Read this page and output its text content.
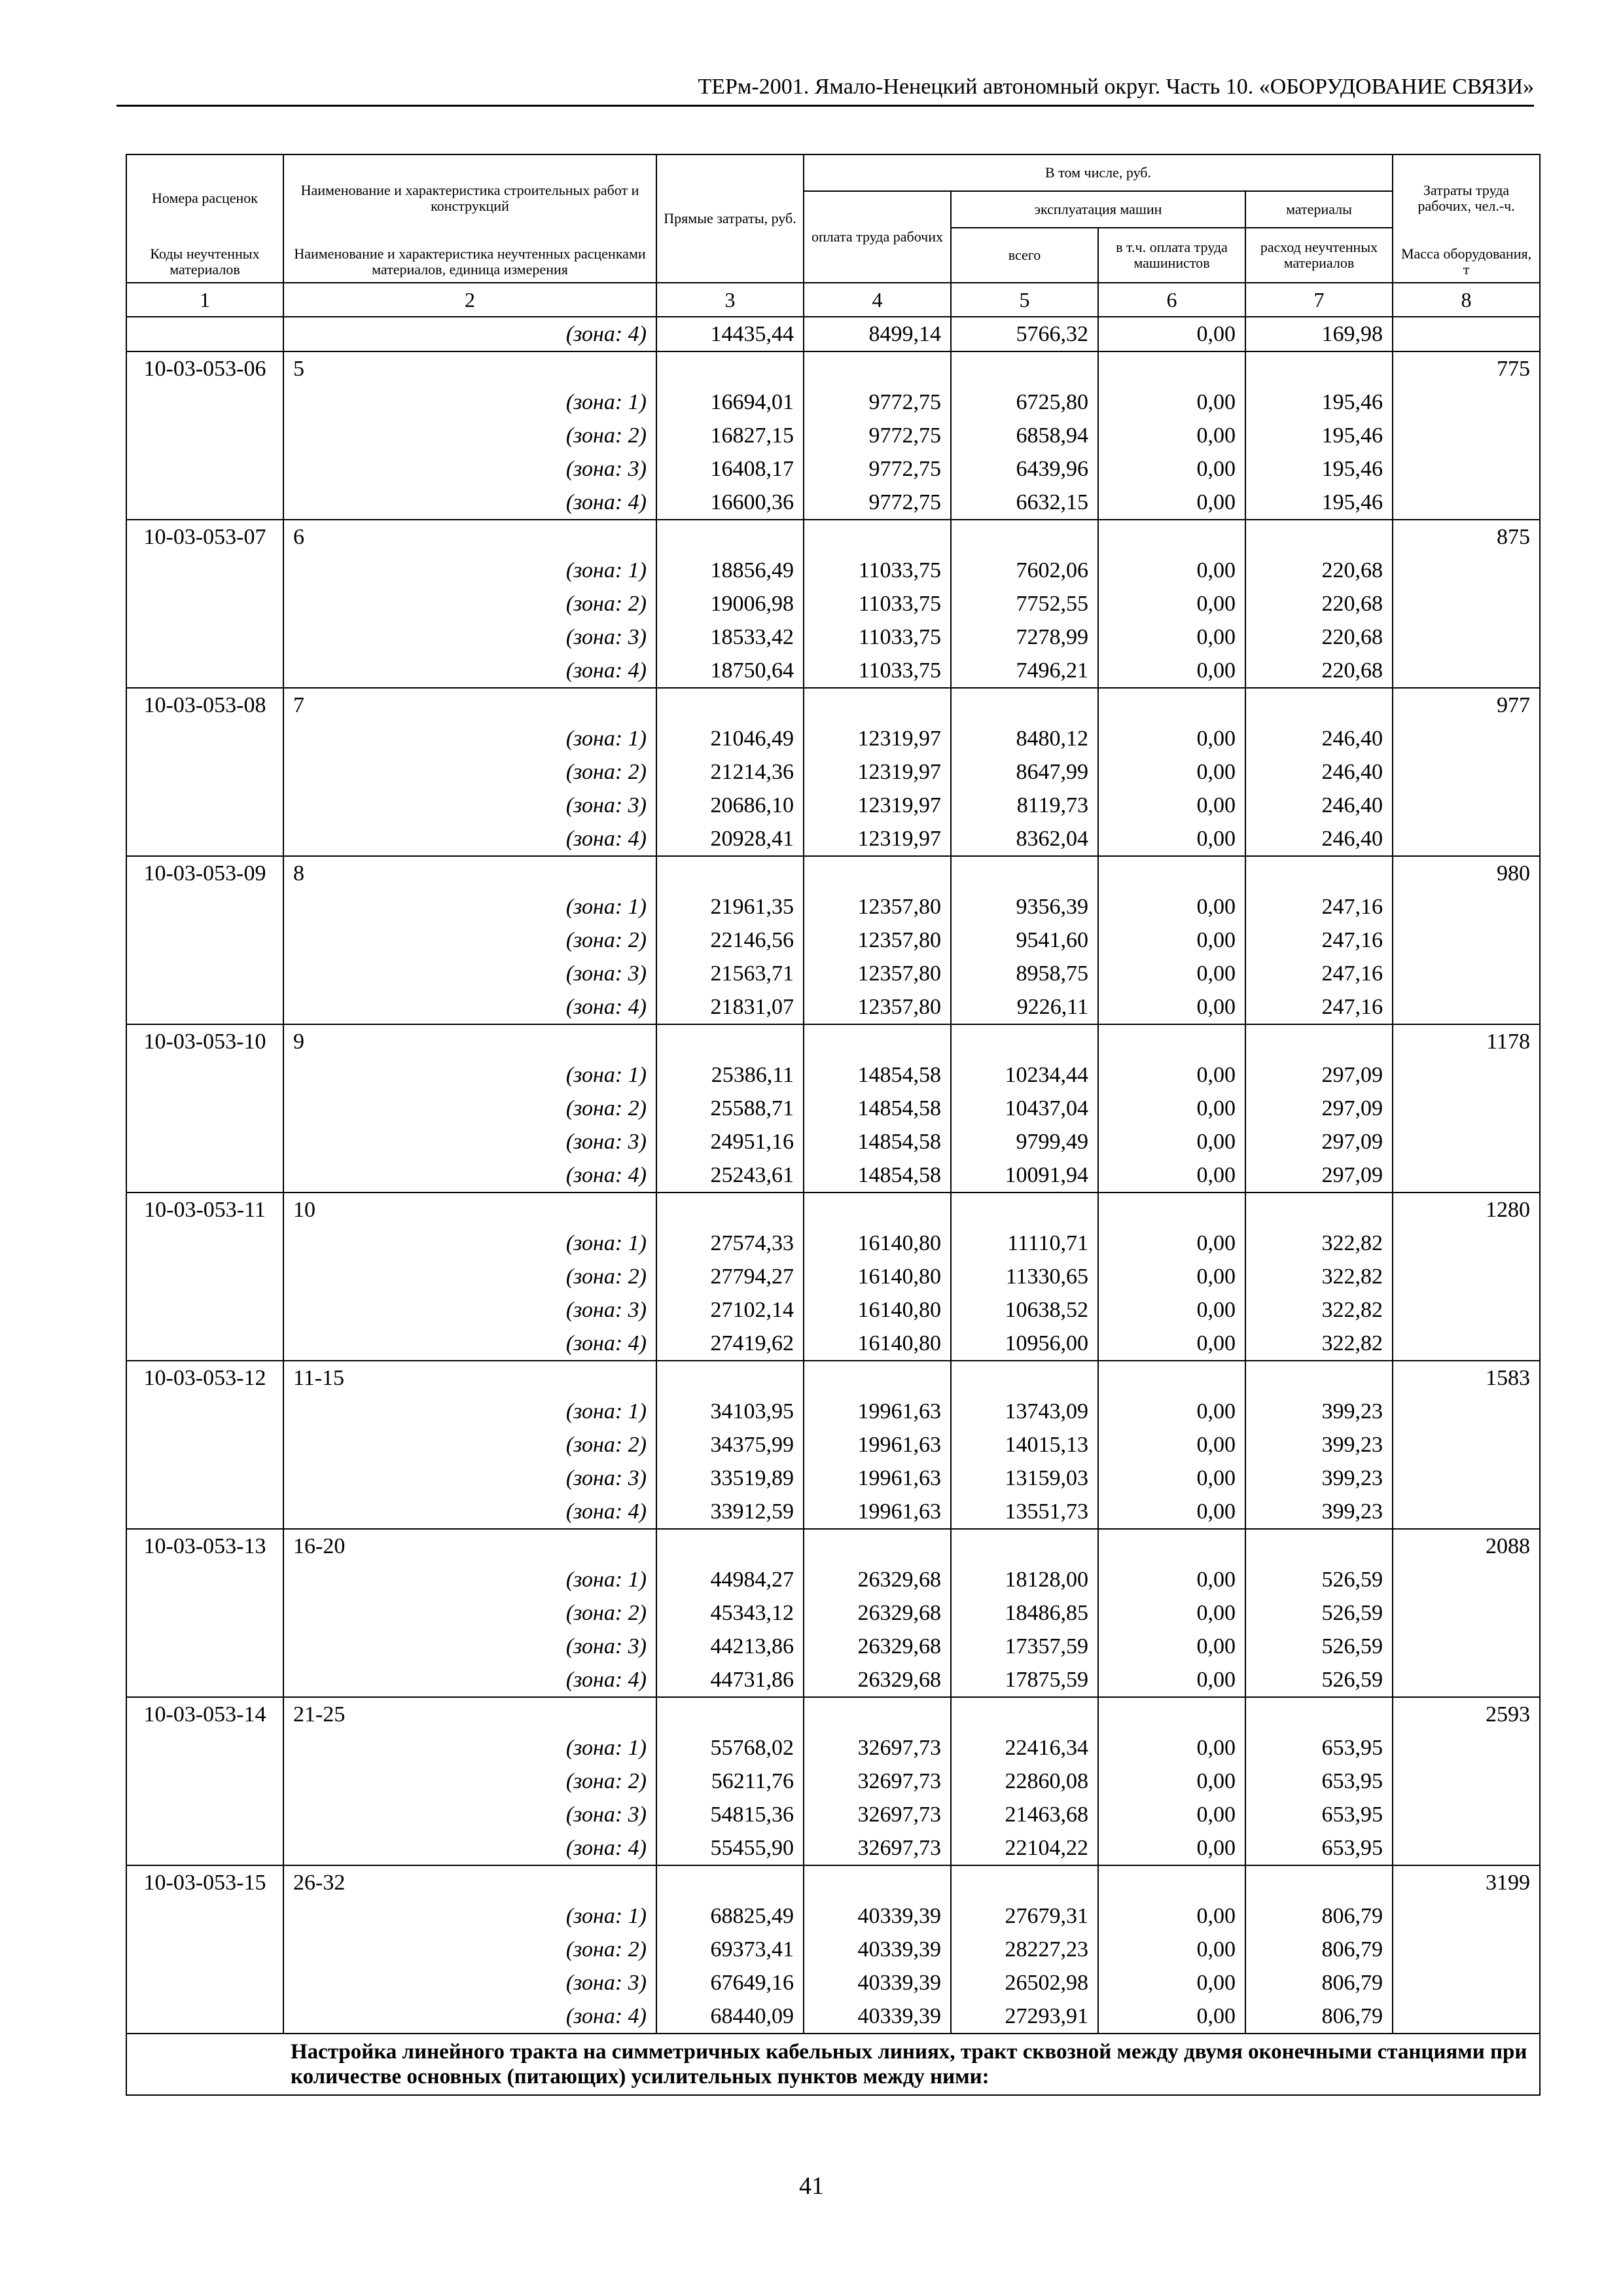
ТЕРм-2001. Ямало-Ненецкий автономный округ. Часть 10. «ОБОРУДОВАНИЕ СВЯЗИ»
Номера расценок	Наименование и характеристика строительных работ и конструкций	Прямые затраты, руб.	В том числе, руб.				Затраты труда рабочих, чел.-ч.
			оплата труда рабочих	эксплуатация машин		материалы	
				всего	в т.ч. оплата труда машинистов	расход неучтенных материалов	
Коды неучтенных материалов	Наименование и характеристика неучтенных расценками материалов, единица измерения						Масса оборудования, т
1	2	3	4	5	6	7	8
	(зона: 4)	14435,44	8499,14	5766,32	0,00	169,98	
10-03-053-06	5						775
	(зона: 1)	16694,01	9772,75	6725,80	0,00	195,46	
	(зона: 2)	16827,15	9772,75	6858,94	0,00	195,46	
	(зона: 3)	16408,17	9772,75	6439,96	0,00	195,46	
	(зона: 4)	16600,36	9772,75	6632,15	0,00	195,46	
10-03-053-07	6						875
	(зона: 1)	18856,49	11033,75	7602,06	0,00	220,68	
	(зона: 2)	19006,98	11033,75	7752,55	0,00	220,68	
	(зона: 3)	18533,42	11033,75	7278,99	0,00	220,68	
	(зона: 4)	18750,64	11033,75	7496,21	0,00	220,68	
10-03-053-08	7						977
	(зона: 1)	21046,49	12319,97	8480,12	0,00	246,40	
	(зона: 2)	21214,36	12319,97	8647,99	0,00	246,40	
	(зона: 3)	20686,10	12319,97	8119,73	0,00	246,40	
	(зона: 4)	20928,41	12319,97	8362,04	0,00	246,40	
10-03-053-09	8						980
	(зона: 1)	21961,35	12357,80	9356,39	0,00	247,16	
	(зона: 2)	22146,56	12357,80	9541,60	0,00	247,16	
	(зона: 3)	21563,71	12357,80	8958,75	0,00	247,16	
	(зона: 4)	21831,07	12357,80	9226,11	0,00	247,16	
10-03-053-10	9						1178
	(зона: 1)	25386,11	14854,58	10234,44	0,00	297,09	
	(зона: 2)	25588,71	14854,58	10437,04	0,00	297,09	
	(зона: 3)	24951,16	14854,58	9799,49	0,00	297,09	
	(зона: 4)	25243,61	14854,58	10091,94	0,00	297,09	
10-03-053-11	10						1280
	(зона: 1)	27574,33	16140,80	11110,71	0,00	322,82	
	(зона: 2)	27794,27	16140,80	11330,65	0,00	322,82	
	(зона: 3)	27102,14	16140,80	10638,52	0,00	322,82	
	(зона: 4)	27419,62	16140,80	10956,00	0,00	322,82	
10-03-053-12	11-15						1583
	(зона: 1)	34103,95	19961,63	13743,09	0,00	399,23	
	(зона: 2)	34375,99	19961,63	14015,13	0,00	399,23	
	(зона: 3)	33519,89	19961,63	13159,03	0,00	399,23	
	(зона: 4)	33912,59	19961,63	13551,73	0,00	399,23	
10-03-053-13	16-20						2088
	(зона: 1)	44984,27	26329,68	18128,00	0,00	526,59	
	(зона: 2)	45343,12	26329,68	18486,85	0,00	526,59	
	(зона: 3)	44213,86	26329,68	17357,59	0,00	526,59	
	(зона: 4)	44731,86	26329,68	17875,59	0,00	526,59	
10-03-053-14	21-25						2593
	(зона: 1)	55768,02	32697,73	22416,34	0,00	653,95	
	(зона: 2)	56211,76	32697,73	22860,08	0,00	653,95	
	(зона: 3)	54815,36	32697,73	21463,68	0,00	653,95	
	(зона: 4)	55455,90	32697,73	22104,22	0,00	653,95	
10-03-053-15	26-32						3199
	(зона: 1)	68825,49	40339,39	27679,31	0,00	806,79	
	(зона: 2)	69373,41	40339,39	28227,23	0,00	806,79	
	(зона: 3)	67649,16	40339,39	26502,98	0,00	806,79	
	(зона: 4)	68440,09	40339,39	27293,91	0,00	806,79	
Настройка линейного тракта на симметричных кабельных линиях, тракт сквозной между двумя оконечными станциями при количестве основных (питающих) усилительных пунктов между ними:							
41
